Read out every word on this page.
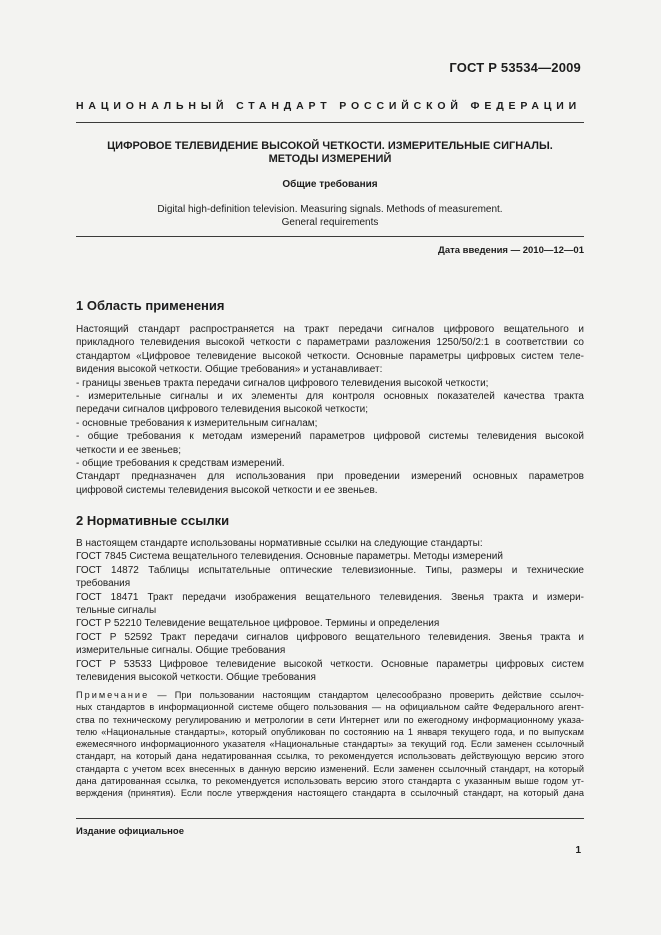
ГОСТ Р 53534—2009
НАЦИОНАЛЬНЫЙ СТАНДАРТ РОССИЙСКОЙ ФЕДЕРАЦИИ
ЦИФРОВОЕ ТЕЛЕВИДЕНИЕ ВЫСОКОЙ ЧЕТКОСТИ. ИЗМЕРИТЕЛЬНЫЕ СИГНАЛЫ.
МЕТОДЫ ИЗМЕРЕНИЙ
Общие требования
Digital high-definition television. Measuring signals. Methods of measurement.
General requirements
Дата введения — 2010—12—01
1 Область применения
Настоящий стандарт распространяется на тракт передачи сигналов цифрового вещательного и
прикладного телевидения высокой четкости с параметрами разложения 1250/50/2:1 в соответствии со
стандартом «Цифровое телевидение высокой четкости. Основные параметры цифровых систем теле-
видения высокой четкости. Общие требования» и устанавливает:
- границы звеньев тракта передачи сигналов цифрового телевидения высокой четкости;
- измерительные сигналы и их элементы для контроля основных показателей качества тракта
передачи сигналов цифрового телевидения высокой четкости;
- основные требования к измерительным сигналам;
- общие требования к методам измерений параметров цифровой системы телевидения высокой
четкости и ее звеньев;
- общие требования к средствам измерений.
Стандарт предназначен для использования при проведении измерений основных параметров
цифровой системы телевидения высокой четкости и ее звеньев.
2 Нормативные ссылки
В настоящем стандарте использованы нормативные ссылки на следующие стандарты:
ГОСТ 7845 Система вещательного телевидения. Основные параметры. Методы измерений
ГОСТ 14872 Таблицы испытательные оптические телевизионные. Типы, размеры и технические
требования
ГОСТ 18471 Тракт передачи изображения вещательного телевидения. Звенья тракта и измери-
тельные сигналы
ГОСТ Р 52210 Телевидение вещательное цифровое. Термины и определения
ГОСТ Р 52592 Тракт передачи сигналов цифрового вещательного телевидения. Звенья тракта и
измерительные сигналы. Общие требования
ГОСТ Р 53533 Цифровое телевидение высокой четкости. Основные параметры цифровых систем
телевидения высокой четкости. Общие требования
Примечание — При пользовании настоящим стандартом целесообразно проверить действие ссылоч-
ных стандартов в информационной системе общего пользования — на официальном сайте Федерального агент-
ства по техническому регулированию и метрологии в сети Интернет или по ежегодному информационному указа-
телю «Национальные стандарты», который опубликован по состоянию на 1 января текущего года, и по выпускам
ежемесячного информационного указателя «Национальные стандарты» за текущий год. Если заменен ссылочный
стандарт, на который дана недатированная ссылка, то рекомендуется использовать действующую версию этого
стандарта с учетом всех внесенных в данную версию изменений. Если заменен ссылочный стандарт, на который
дана датированная ссылка, то рекомендуется использовать версию этого стандарта с указанным выше годом ут-
верждения (принятия). Если после утверждения настоящего стандарта в ссылочный стандарт, на который дана
Издание официальное
1
